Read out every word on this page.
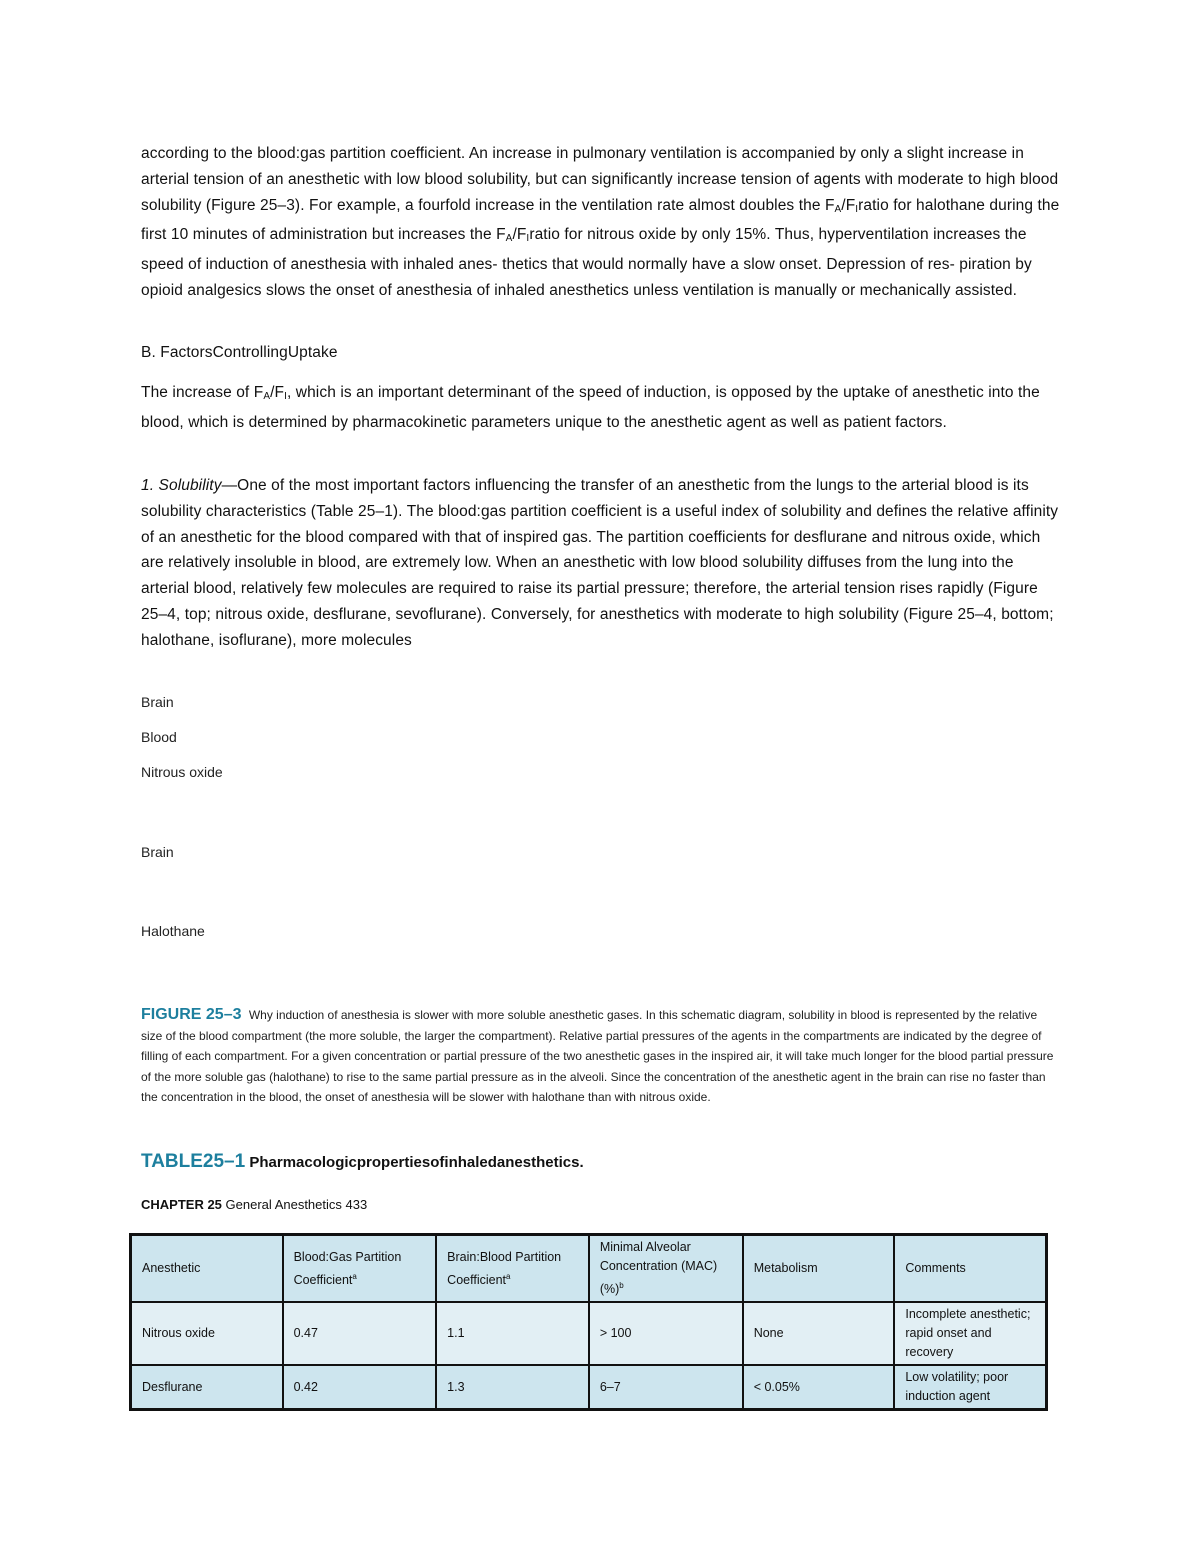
according to the blood:gas partition coefficient. An increase in pulmonary ventilation is accompanied by only a slight increase in arterial tension of an anesthetic with low blood solubility, but can significantly increase tension of agents with moderate to high blood solubility (Figure 25–3). For example, a fourfold increase in the ventilation rate almost doubles the $F_A/F_Iratio$ for halothane during the first 10 minutes of administration but increases the $F_A/F_Iratio$ for nitrous oxide by only 15%. Thus, hyperventilation increases the speed of induction of anesthesia with inhaled anes- thetics that would normally have a slow onset. Depression of res- piration by opioid analgesics slows the onset of anesthesia of inhaled anesthetics unless ventilation is manually or mechanically assisted.
B. FactorsControllingUptake
The increase of $F_A/F_I$, which is an important determinant of the speed of induction, is opposed by the uptake of anesthetic into the blood, which is determined by pharmacokinetic parameters unique to the anesthetic agent as well as patient factors.
1. Solubility—One of the most important factors influencing the transfer of an anesthetic from the lungs to the arterial blood is its solubility characteristics (Table 25–1). The blood:gas partition coefficient is a useful index of solubility and defines the relative affinity of an anesthetic for the blood compared with that of inspired gas. The partition coefficients for desflurane and nitrous oxide, which are relatively insoluble in blood, are extremely low. When an anesthetic with low blood solubility diffuses from the lung into the arterial blood, relatively few molecules are required to raise its partial pressure; therefore, the arterial tension rises rapidly (Figure 25–4, top; nitrous oxide, desflurane, sevoflurane). Conversely, for anesthetics with moderate to high solubility (Figure 25–4, bottom; halothane, isoflurane), more molecules
Brain
Blood
Nitrous oxide
Brain
Halothane
FIGURE 25–3 Why induction of anesthesia is slower with more soluble anesthetic gases. In this schematic diagram, solubility in blood is represented by the relative size of the blood compartment (the more soluble, the larger the compartment). Relative partial pressures of the agents in the compartments are indicated by the degree of filling of each compartment. For a given concentration or partial pressure of the two anesthetic gases in the inspired air, it will take much longer for the blood partial pressure of the more soluble gas (halothane) to rise to the same partial pressure as in the alveoli. Since the concentration of the anesthetic agent in the brain can rise no faster than the concentration in the blood, the onset of anesthesia will be slower with halothane than with nitrous oxide.
TABLE25–1 Pharmacologicpropertiesofinhaledanesthetics.
CHAPTER 25 General Anesthetics 433
Anesthetic	Blood:Gas Partition Coefficient$^a$	Brain:Blood Partition Coefficient$^a$	Minimal Alveolar Concentration (MAC) (%)$^b$	Metabolism	Comments
Nitrous oxide	0.47	1.1	> 100	None	Incomplete anesthetic; rapid onset and recovery
Desflurane	0.42	1.3	6–7	< 0.05%	Low volatility; poor induction agent
